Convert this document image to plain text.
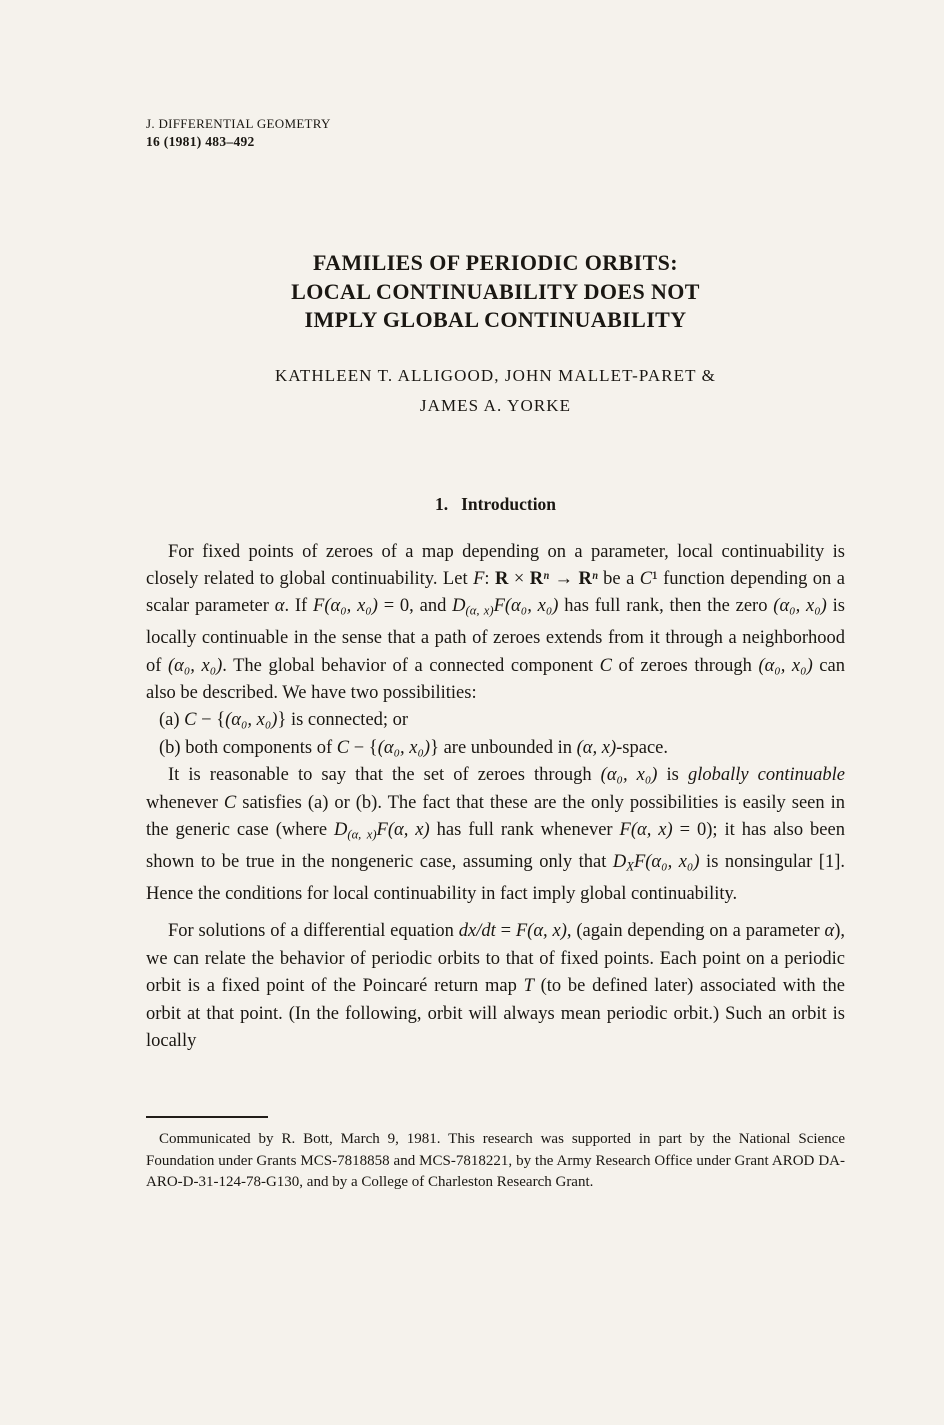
J. DIFFERENTIAL GEOMETRY
16 (1981) 483–492
FAMILIES OF PERIODIC ORBITS:
LOCAL CONTINUABILITY DOES NOT
IMPLY GLOBAL CONTINUABILITY
KATHLEEN T. ALLIGOOD, JOHN MALLET-PARET &
JAMES A. YORKE
1. Introduction

For fixed points of zeroes of a map depending on a parameter, local continuability is closely related to global continuability. Let F: R × Rⁿ → Rⁿ be a C¹ function depending on a scalar parameter α. If F(α₀, x₀) = 0, and $D_{(\alpha, x)}F(\alpha_0$, x₀) has full rank, then the zero (α₀, x₀) is locally continuable in the sense that a path of zeroes extends from it through a neighborhood of (α₀, x₀). The global behavior of a connected component C of zeroes through (α₀, x₀) can also be described. We have two possibilities:

(a) C − {(α₀, x₀)} is connected; or

(b) both components of C − {(α₀, x₀)} are unbounded in (α, x)-space.

It is reasonable to say that the set of zeroes through (α₀, x₀) is globally continuable whenever C satisfies (a) or (b). The fact that these are the only possibilities is easily seen in the generic case (where $D_{(\alpha, x)}F(\alpha$, x) has full rank whenever F(α, x) = 0); it has also been shown to be true in the nongeneric case, assuming only that $D_XF(\alpha_0$, x₀) is nonsingular [1]. Hence the conditions for local continuability in fact imply global continuability.

For solutions of a differential equation dx/dt = F(α, x), (again depending on a parameter α), we can relate the behavior of periodic orbits to that of fixed points. Each point on a periodic orbit is a fixed point of the Poincaré return map T (to be defined later) associated with the orbit at that point. (In the following, orbit will always mean periodic orbit.) Such an orbit is locally

Communicated by R. Bott, March 9, 1981. This research was supported in part by the National Science Foundation under Grants MCS-7818858 and MCS-7818221, by the Army Research Office under Grant AROD DA-ARO-D-31-124-78-G130, and by a College of Charleston Research Grant.
